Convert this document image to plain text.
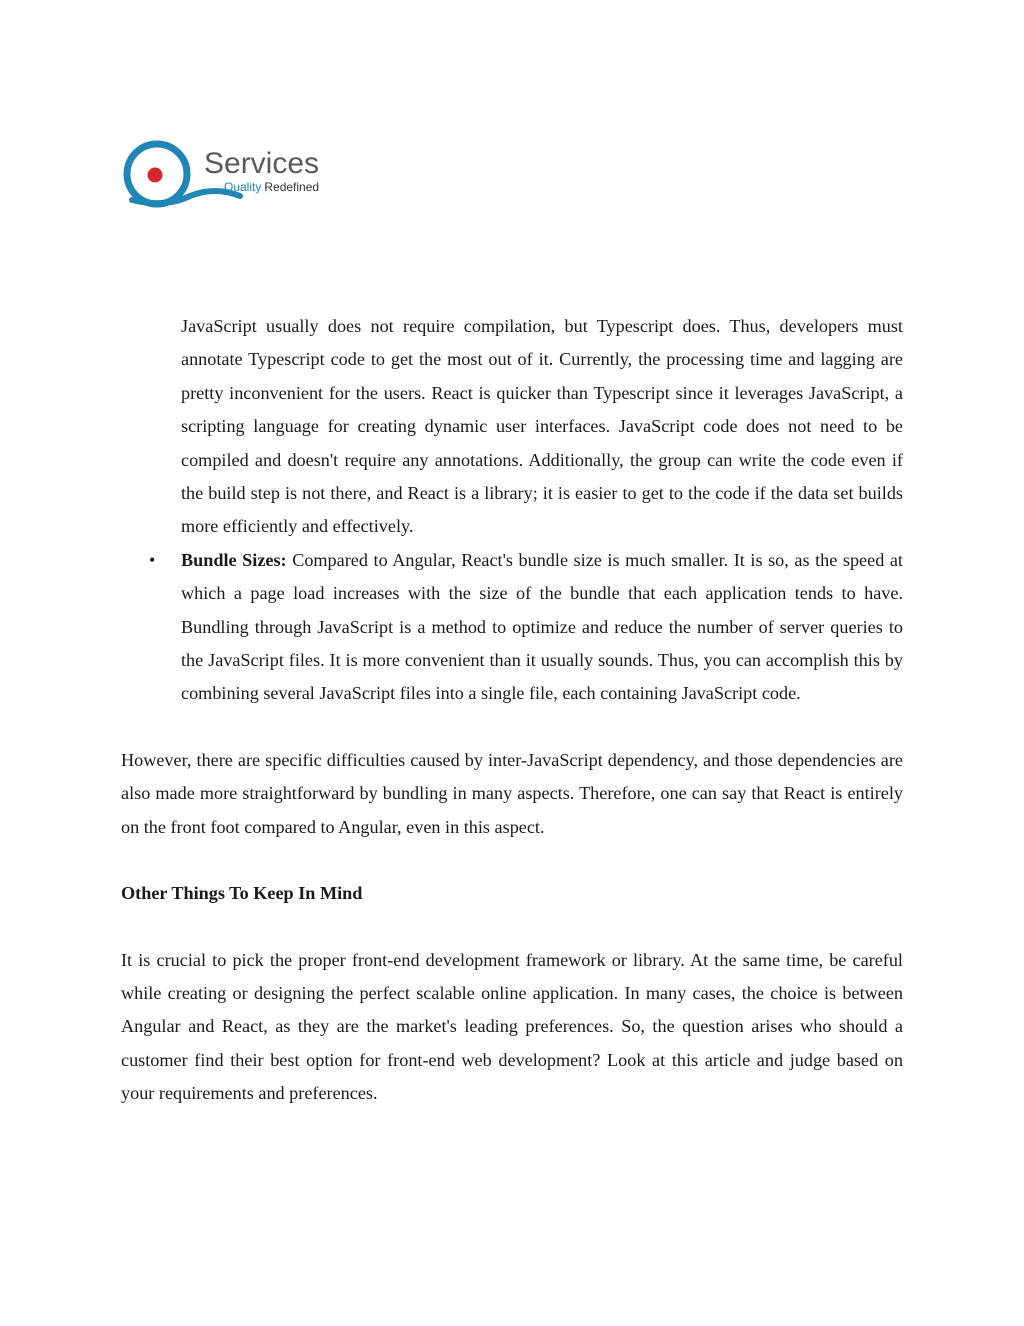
Services
Quality Redefined
JavaScript usually does not require compilation, but Typescript does. Thus, developers must annotate Typescript code to get the most out of it. Currently, the processing time and lagging are pretty inconvenient for the users. React is quicker than Typescript since it leverages JavaScript, a scripting language for creating dynamic user interfaces. JavaScript code does not need to be compiled and doesn't require any annotations. Additionally, the group can write the code even if the build step is not there, and React is a library; it is easier to get to the code if the data set builds more efficiently and effectively.
• Bundle Sizes: Compared to Angular, React's bundle size is much smaller. It is so, as the speed at which a page load increases with the size of the bundle that each application tends to have. Bundling through JavaScript is a method to optimize and reduce the number of server queries to the JavaScript files. It is more convenient than it usually sounds. Thus, you can accomplish this by combining several JavaScript files into a single file, each containing JavaScript code.
However, there are specific difficulties caused by inter-JavaScript dependency, and those dependencies are also made more straightforward by bundling in many aspects. Therefore, one can say that React is entirely on the front foot compared to Angular, even in this aspect.
Other Things To Keep In Mind
It is crucial to pick the proper front-end development framework or library. At the same time, be careful while creating or designing the perfect scalable online application. In many cases, the choice is between Angular and React, as they are the market's leading preferences. So, the question arises who should a customer find their best option for front-end web development? Look at this article and judge based on your requirements and preferences.
